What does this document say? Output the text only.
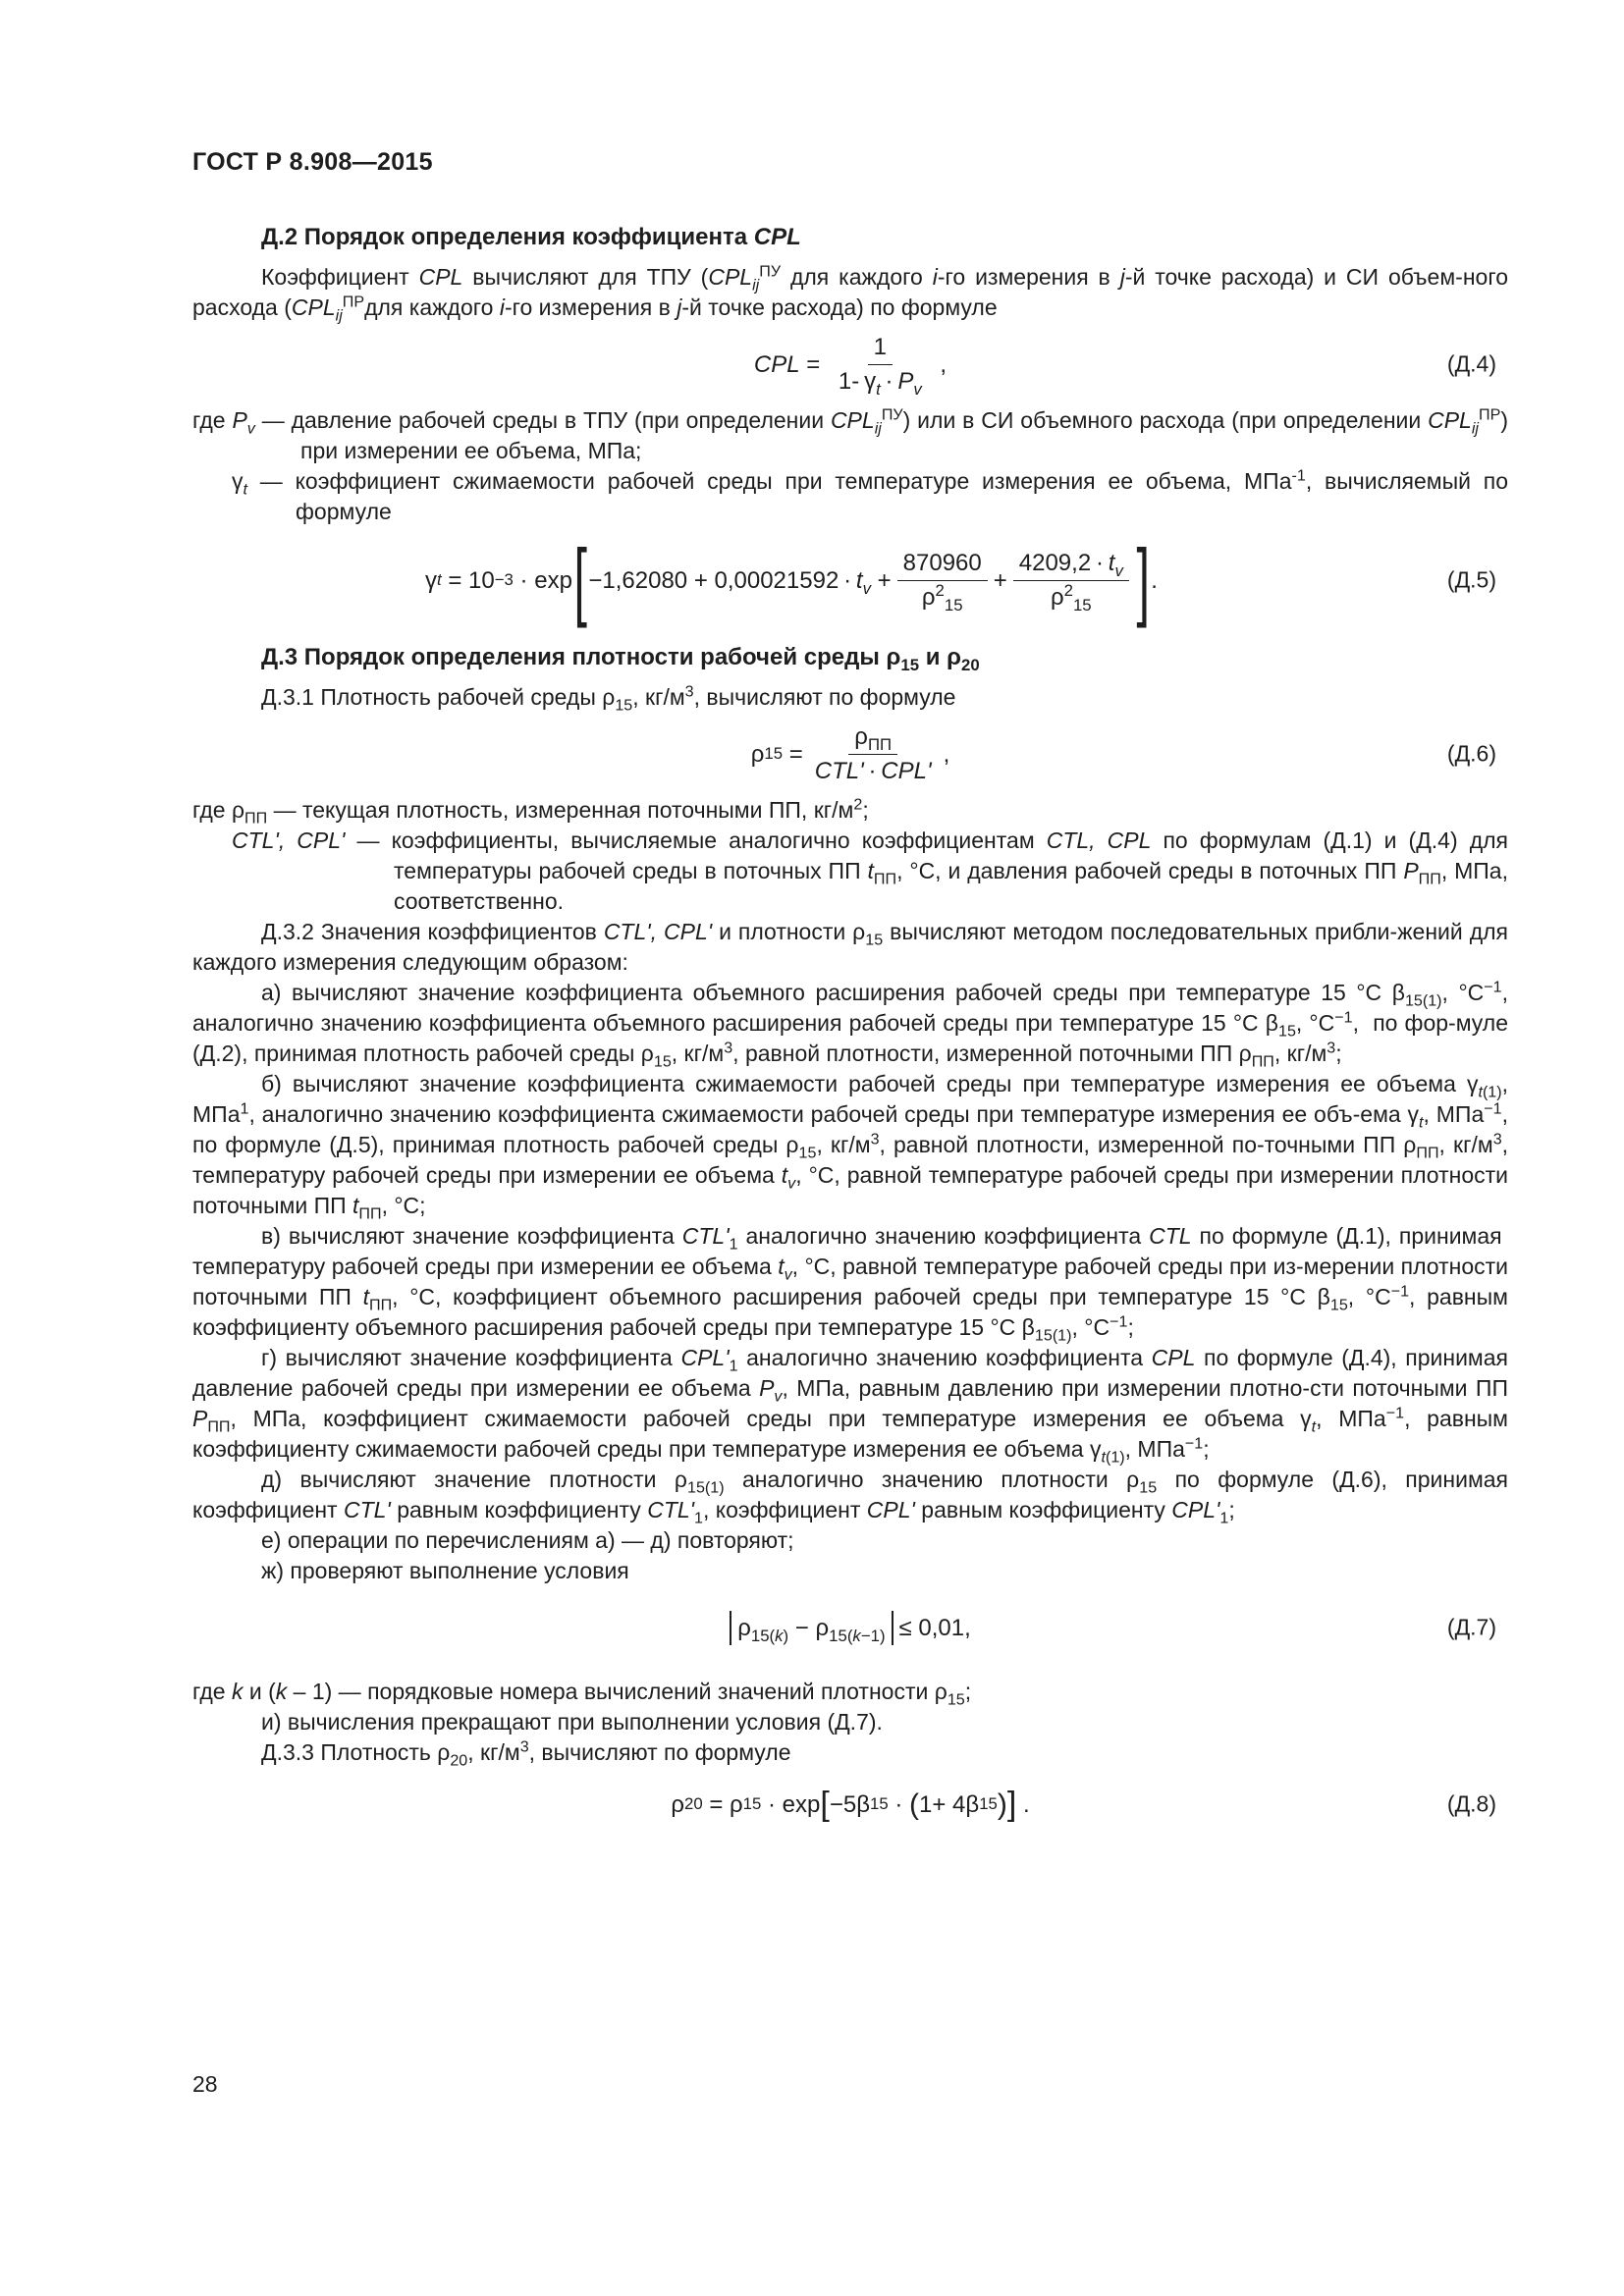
ГОСТ Р 8.908—2015

Д.2 Порядок определения коэффициента CPL

Коэффициент CPL вычисляют для ТПУ ($CPL_{ij}^{ПУ}$ для каждого i-го измерения в j-й точке расхода) и СИ объем-ного расхода ($CPL_{ij}^{ПР}для$ каждого i-го измерения в j-й точке расхода) по формуле

CPL = $\frac{1}{1- \gamma_t \cdot P_v}$ ,	(Д.4)

где $P_v$ — давление рабочей среды в ТПУ (при определении $CPL_{ij}^{ПУ}$) или в СИ объемного расхода (при определении $CPL_{ij}^{ПР}$) при измерении ее объема, МПа;

$\gamma_t$ — коэффициент сжимаемости рабочей среды при температуре измерения ее объема, МПа$^{-1}$, вычисляемый по формуле

γ t = 10 −3 · exp [ $-1,62080 + 0,00021592 \cdot t_v + \frac{870960}{\rho^2_{15}} + \frac{4209,2 \cdot t_v}{\rho^2_{15}}$ ] .	(Д.5)

Д.3 Порядок определения плотности рабочей среды $\rho_{15}$ и $\rho_{20}$

Д.3.1 Плотность рабочей среды $\rho_{15}$, $кг/м^3$, вычисляют по формуле

ρ $15 = \frac{\rho_{ПП}}{\text{CTL' · CPL'}}$ ,	(Д.6)

где $\rho_{ПП}$ — текущая плотность, измеренная поточными ПП, $кг/м^2$;

CTL', CPL' — коэффициенты, вычисляемые аналогично коэффициентам CTL, CPL по формулам (Д.1) и (Д.4) для температуры рабочей среды в поточных ПП $t_{ПП}$, °С, и давления рабочей среды в поточных ПП $P_{ПП}$, МПа, соответственно.

Д.3.2 Значения коэффициентов CTL', CPL' и плотности $\rho_{15}$ вычисляют методом последовательных прибли-жений для каждого измерения следующим образом:

а) вычисляют значение коэффициента объемного расширения рабочей среды при температуре 15 °С $\beta_{15(1)}$, $^\circ С^{-1}$, аналогично значению коэффициента объемного расширения рабочей среды при температуре 15 °С $\beta_{15}$, $^\circ С^{-1}$,  по фор-муле (Д.2), принимая плотность рабочей среды $\rho_{15}$, $кг/м^3$, равной плотности, измеренной поточными ПП $\rho_{ПП}$, $кг/м^3$;

б) вычисляют значение коэффициента сжимаемости рабочей среды при температуре измерения ее объема $\gamma_{t(1)}$, МПа$^1$, аналогично значению коэффициента сжимаемости рабочей среды при температуре измерения ее объ-ема $\gamma_t$, МПа$^{-1}$, по формуле (Д.5), принимая плотность рабочей среды $\rho_{15}$, $кг/м^3$, равной плотности, измеренной по-точными ПП $\rho_{ПП}$, $кг/м^3$, температуру рабочей среды при измерении ее объема $t_v$, °С, равной температуре рабочей среды при измерении плотности поточными ПП $t_{ПП}$, °С;

в) вычисляют значение коэффициента $CTL'_1$ аналогично значению коэффициента CTL по формуле (Д.1), принимая  температуру рабочей среды при измерении ее объема $t_v$, °С, равной температуре рабочей среды при из-мерении плотности поточными ПП $t_{ПП}$, °С, коэффициент объемного расширения рабочей среды при температуре 15 °С $\beta_{15}$, $^\circ С^{-1}$, равным коэффициенту объемного расширения рабочей среды при температуре 15 °С $\beta_{15(1)}$, $^\circ С^{-1}$;

г) вычисляют значение коэффициента $CPL'_1$ аналогично значению коэффициента CPL по формуле (Д.4), принимая давление рабочей среды при измерении ее объема $P_v$, МПа, равным давлению при измерении плотно-сти поточными ПП $P_{ПП}$, МПа, коэффициент сжимаемости рабочей среды при температуре измерения ее объема $\gamma_t$, МПа$^{-1}$, равным коэффициенту сжимаемости рабочей среды при температуре измерения ее объема $\gamma_{t(1)}$, МПа$^{-1}$;

д) вычисляют значение плотности $\rho_{15(1)}$ аналогично значению плотности $\rho_{15}$ по формуле (Д.6), принимая коэффициент CTL' равным коэффициенту $CTL'_1$, коэффициент CPL' равным коэффициенту $CPL'_1$;

е) операции по перечислениям а) — д) повторяют;

ж) проверяют выполнение условия

$\rho_{15(k)} - \rho_{15(k-1)} \le 0,01$,	(Д.7)

где k и (k – 1) — порядковые номера вычислений значений плотности $\rho_{15}$;

и) вычисления прекращают при выполнении условия (Д.7).

Д.3.3 Плотность $\rho_{20}$, $кг/м^3$, вычисляют по формуле

ρ 20 = ρ 15 · exp [ −5β 15 · ( 1+ 4β 15 ) ] .	(Д.8)
28
